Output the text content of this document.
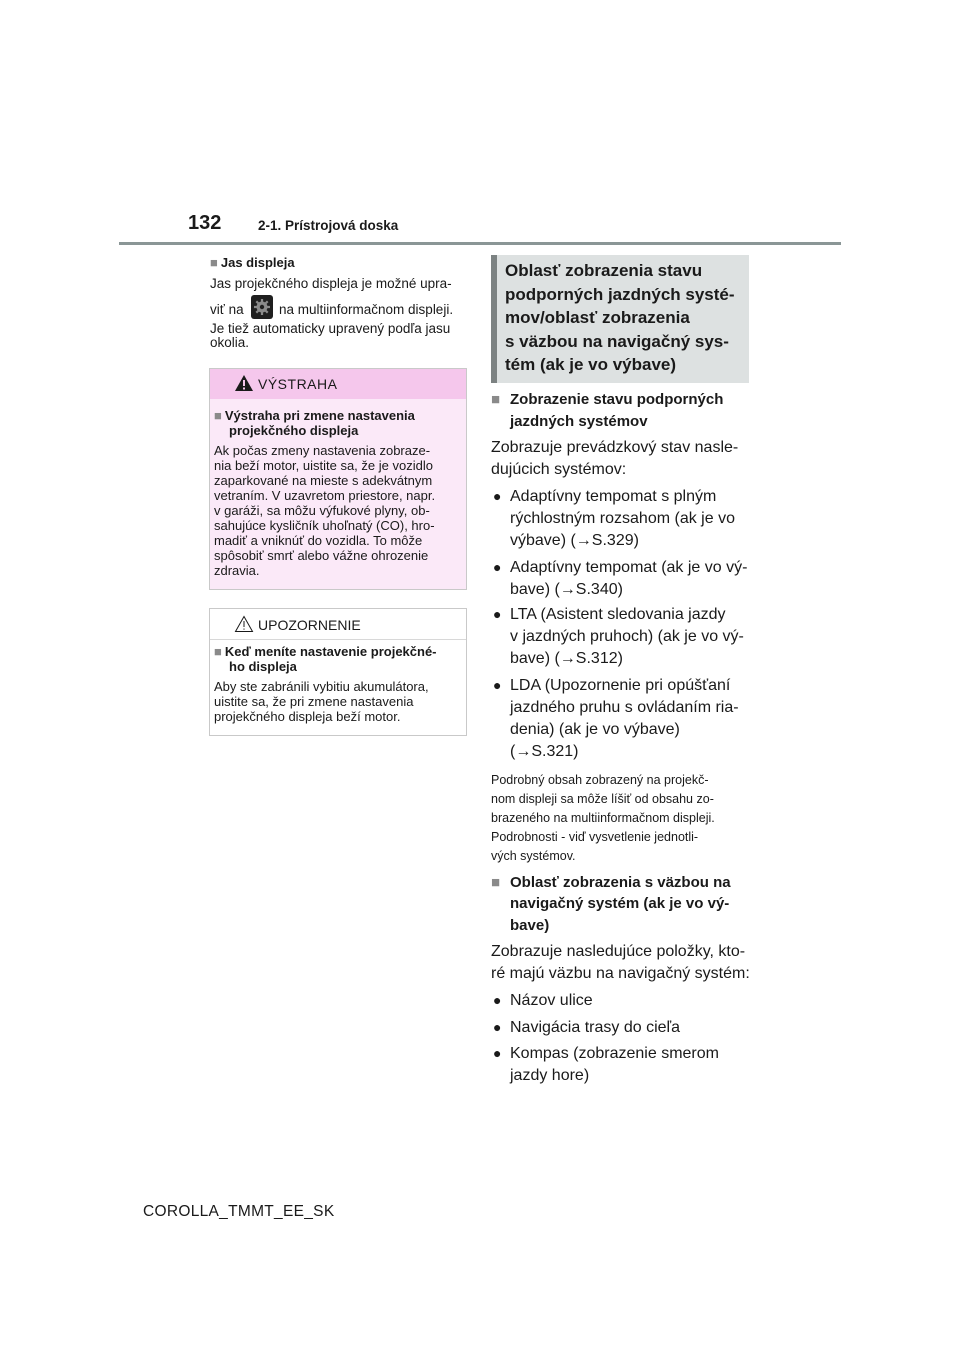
132	2-1. Prístrojová doska
■ Jas displeja
Jas projekčného displeja je možné upra-
viť na	na multiinformačnom displeji.
Je tiež automaticky upravený podľa jasu
okolia.
VÝSTRAHA
■ Výstraha pri zmene nastavenia
projekčného displeja
Ak počas zmeny nastavenia zobraze-
nia beží motor, uistite sa, že je vozidlo
zaparkované na mieste s adekvátnym
vetraním. V uzavretom priestore, napr.
v garáži, sa môžu výfukové plyny, ob-
sahujúce kysličník uhoľnatý (CO), hro-
madiť a vniknúť do vozidla. To môže
spôsobiť smrť alebo vážne ohrozenie
zdravia.
UPOZORNENIE
■ Keď meníte nastavenie projekčné-
ho displeja
Aby ste zabránili vybitiu akumulátora,
uistite sa, že pri zmene nastavenia
projekčného displeja beží motor.
Oblasť zobrazenia stavu
podporných jazdných systé-
mov/oblasť zobrazenia
s väzbou na navigačný sys-
tém (ak je vo výbave)
■ Zobrazenie stavu podporných
jazdných systémov
Zobrazuje prevádzkový stav nasle-
dujúcich systémov:
● Adaptívny tempomat s plným
rýchlostným rozsahom (ak je vo
výbave) (→S.329)
● Adaptívny tempomat (ak je vo vý-
bave) (→S.340)
● LTA (Asistent sledovania jazdy
v jazdných pruhoch) (ak je vo vý-
bave) (→S.312)
● LDA (Upozornenie pri opúšťaní
jazdného pruhu s ovládaním ria-
denia) (ak je vo výbave)
(→S.321)
Podrobný obsah zobrazený na projekč-
nom displeji sa môže líšiť od obsahu zo-
brazeného na multiinformačnom displeji.
Podrobnosti - viď vysvetlenie jednotli-
vých systémov.
■ Oblasť zobrazenia s väzbou na
navigačný systém (ak je vo vý-
bave)
Zobrazuje nasledujúce položky, kto-
ré majú väzbu na navigačný systém:
● Názov ulice
● Navigácia trasy do cieľa
● Kompas (zobrazenie smerom
jazdy hore)
COROLLA_TMMT_EE_SK
